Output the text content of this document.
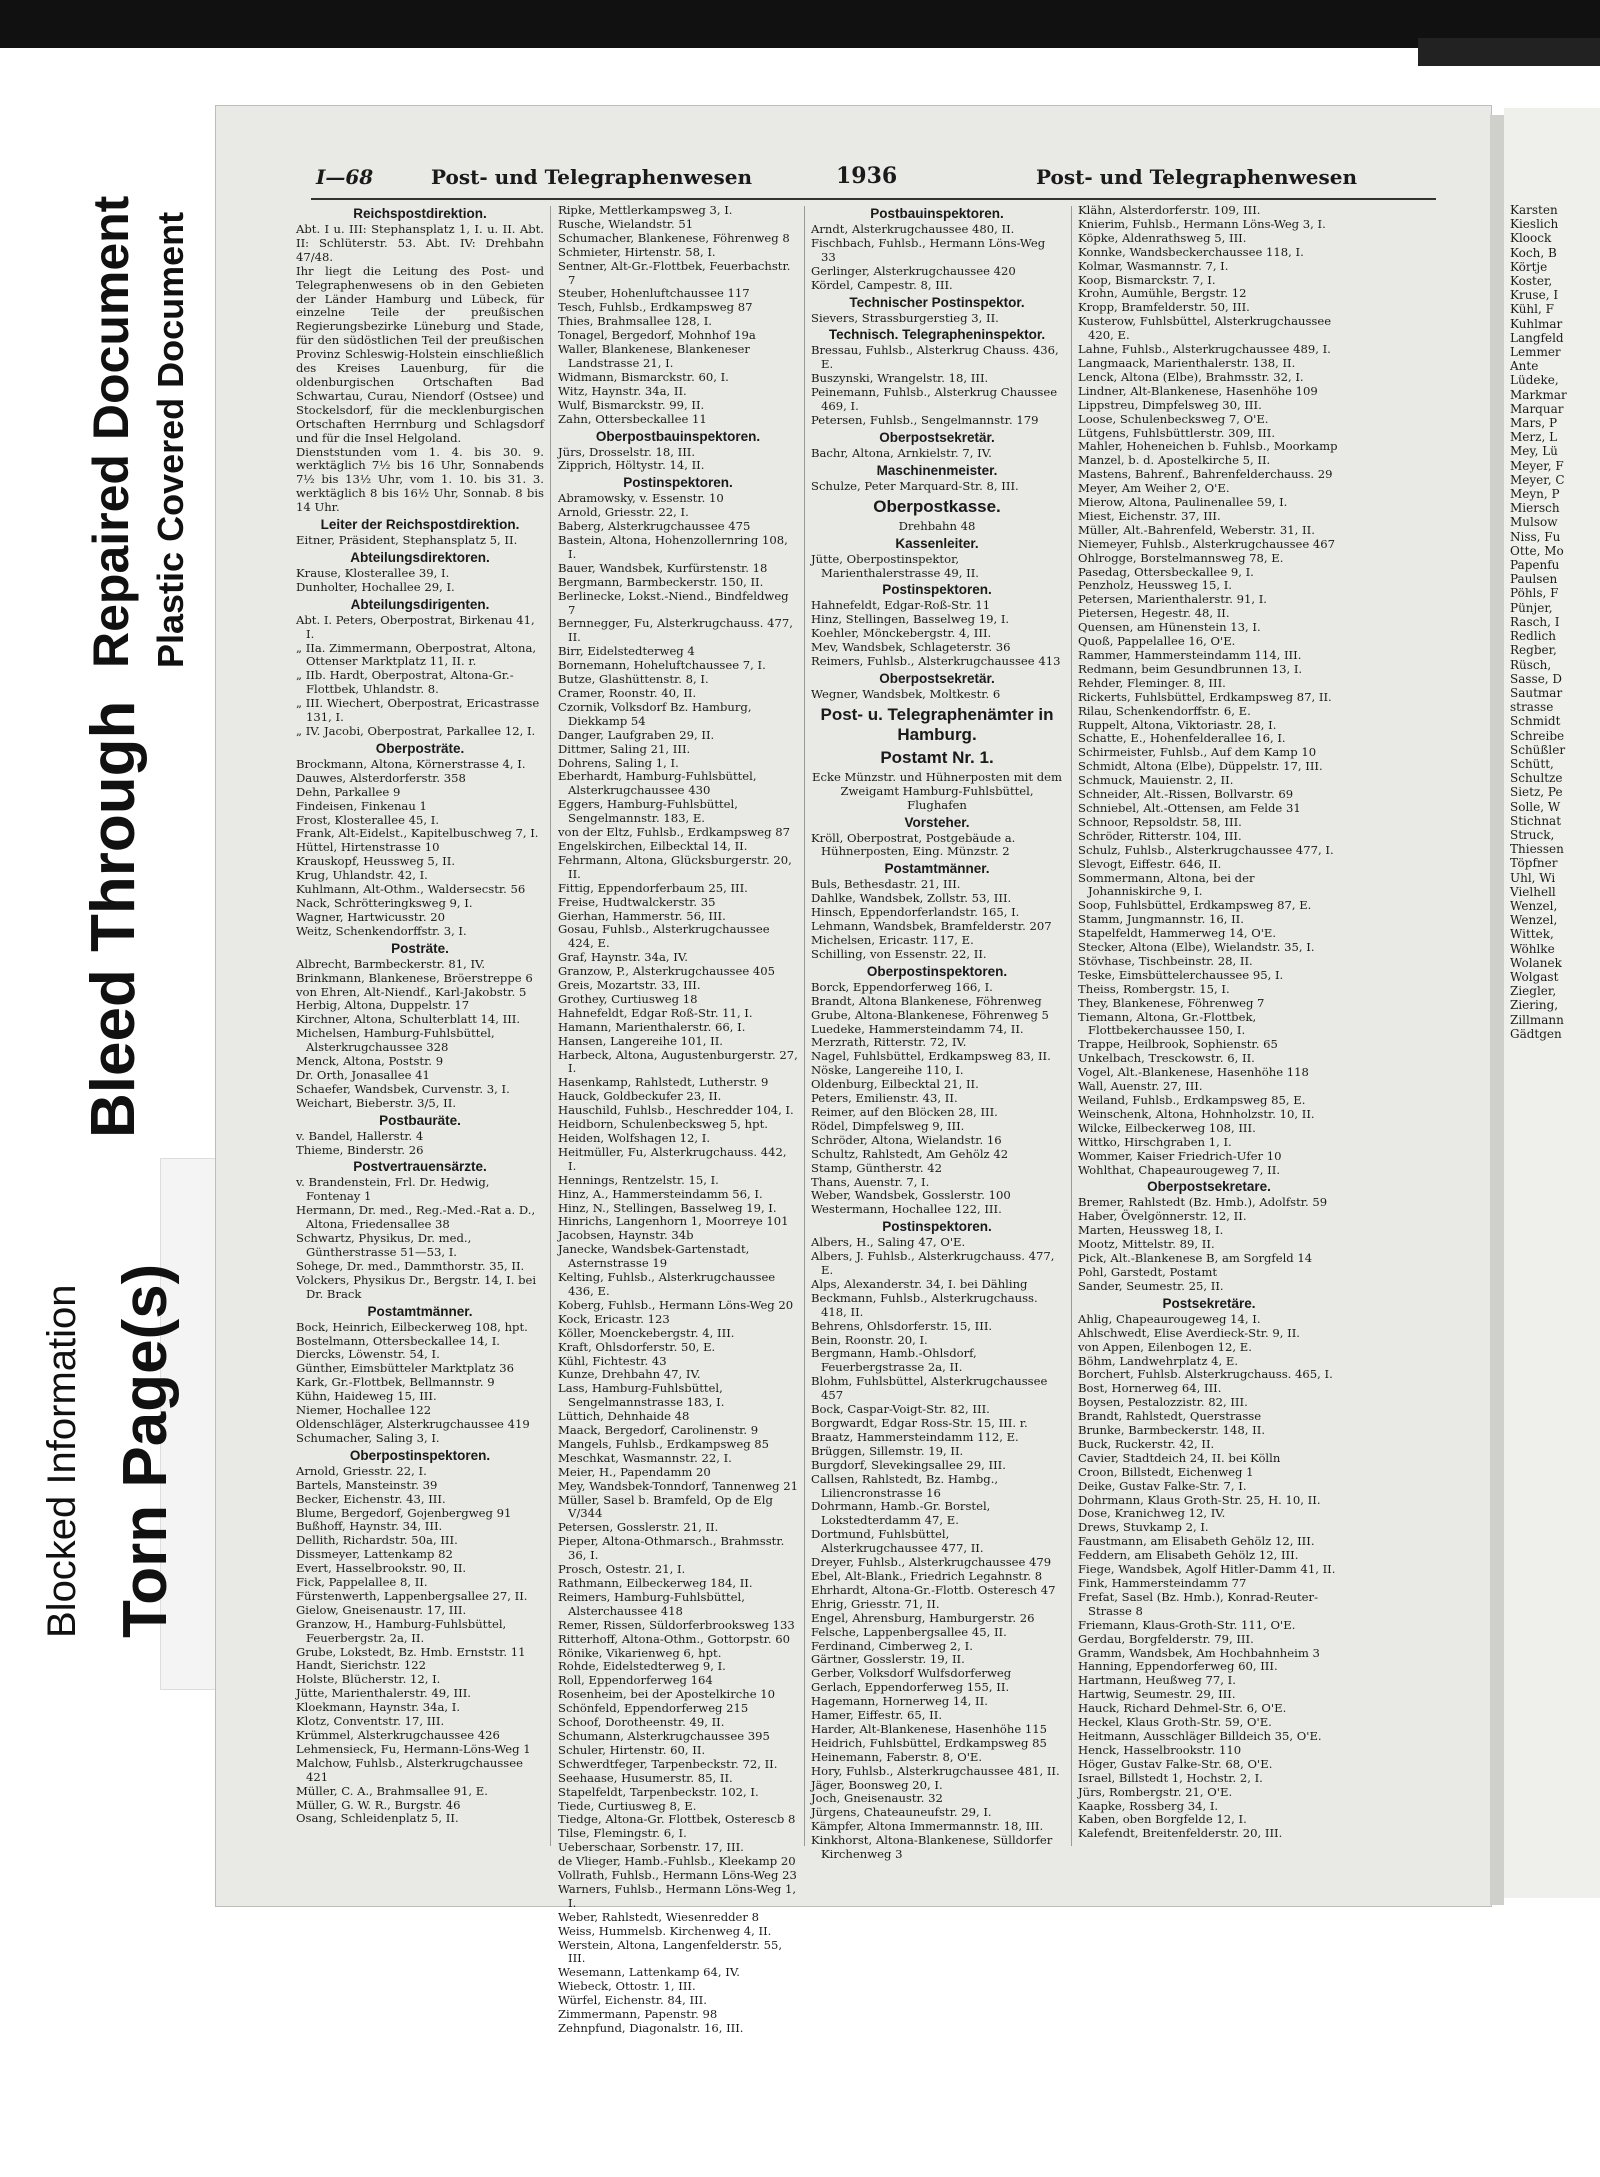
Repaired Document Plastic Covered Document
Bleed Through
Blocked Information Torn Page(s)
I—68	Post- und Telegraphenwesen	1936	Post- und Telegraphenwesen
Reichspostdirektion.
Abt. I u. III: Stephansplatz 1, I. u. II. Abt. II: Schlüterstr. 53. Abt. IV: Drehbahn 47/48.
Ihr liegt die Leitung des Post- und Telegraphenwesens ob in den Gebieten der Länder Hamburg und Lübeck, für einzelne Teile der preußischen Regierungsbezirke Lüneburg und Stade, für den südöstlichen Teil der preußischen Provinz Schleswig-Holstein einschließlich des Kreises Lauenburg, für die oldenburgischen Ortschaften Bad Schwartau, Curau, Niendorf (Ostsee) und Stockelsdorf, für die mecklenburgischen Ortschaften Herrnburg und Schlagsdorf und für die Insel Helgoland.
Dienststunden vom 1. 4. bis 30. 9. werktäglich 7½ bis 16 Uhr, Sonnabends 7½ bis 13½ Uhr, vom 1. 10. bis 31. 3. werktäglich 8 bis 16½ Uhr, Sonnab. 8 bis 14 Uhr.
Leiter der Reichspostdirektion.
Eitner, Präsident, Stephansplatz 5, II.
Abteilungsdirektoren.
Krause, Klosterallee 39, I.
Dunholter, Hochallee 29, I.
Abteilungsdirigenten.
Abt. I. Peters, Oberpostrat, Birkenau 41, I.
„ IIa. Zimmermann, Oberpostrat, Altona, Ottenser Marktplatz 11, II. r.
„ IIb. Hardt, Oberpostrat, Altona-Gr.-Flottbek, Uhlandstr. 8.
„ III. Wiechert, Oberpostrat, Ericastrasse 131, I.
„ IV. Jacobi, Oberpostrat, Parkallee 12, I.
Oberposträte.
Brockmann, Altona, Körnerstrasse 4, I.
Dauwes, Alsterdorferstr. 358
Dehn, Parkallee 9
Findeisen, Finkenau 1
Frost, Klosterallee 45, I.
Frank, Alt-Eidelst., Kapitelbuschweg 7, I.
Hüttel, Hirtenstrasse 10
Krauskopf, Heussweg 5, II.
Krug, Uhlandstr. 42, I.
Kuhlmann, Alt-Othm., Waldersecstr. 56
Nack, Schrötteringksweg 9, I.
Wagner, Hartwicusstr. 20
Weitz, Schenkendorffstr. 3, I.
Posträte.
Albrecht, Barmbeckerstr. 81, IV.
Brinkmann, Blankenese, Bröerstreppe 6
von Ehren, Alt-Niendf., Karl-Jakobstr. 5
Herbig, Altona, Duppelstr. 17
Kirchner, Altona, Schulterblatt 14, III.
Michelsen, Hamburg-Fuhlsbüttel, Alsterkrugchaussee 328
Menck, Altona, Poststr. 9
Dr. Orth, Jonasallee 41
Schaefer, Wandsbek, Curvenstr. 3, I.
Weichart, Bieberstr. 3/5, II.
Postbauräte.
v. Bandel, Hallerstr. 4
Thieme, Binderstr. 26
Postvertrauensärzte.
v. Brandenstein, Frl. Dr. Hedwig, Fontenay 1
Hermann, Dr. med., Reg.-Med.-Rat a. D., Altona, Friedensallee 38
Schwartz, Physikus, Dr. med., Güntherstrasse 51—53, I.
Sohege, Dr. med., Dammthorstr. 35, II.
Volckers, Physikus Dr., Bergstr. 14, I. bei Dr. Brack
Postamtmänner.
Bock, Heinrich, Eilbeckerweg 108, hpt.
Bostelmann, Ottersbeckallee 14, I.
Diercks, Löwenstr. 54, I.
Günther, Eimsbütteler Marktplatz 36
Kark, Gr.-Flottbek, Bellmannstr. 9
Kühn, Haideweg 15, III.
Niemer, Hochallee 122
Oldenschläger, Alsterkrugchaussee 419
Schumacher, Saling 3, I.
Oberpostinspektoren.
Arnold, Griesstr. 22, I.
Bartels, Mansteinstr. 39
Becker, Eichenstr. 43, III.
Blume, Bergedorf, Gojenbergweg 91
Bußhoff, Haynstr. 34, III.
Dellith, Richardstr. 50a, III.
Dissmeyer, Lattenkamp 82
Evert, Hasselbrookstr. 90, II.
Fick, Pappelallee 8, II.
Fürstenwerth, Lappenbergsallee 27, II.
Gielow, Gneisenaustr. 17, III.
Granzow, H., Hamburg-Fuhlsbüttel, Feuerbergstr. 2a, II.
Grube, Lokstedt, Bz. Hmb. Ernststr. 11
Handt, Sierichstr. 122
Holste, Blücherstr. 12, I.
Jütte, Marienthalerstr. 49, III.
Kloekmann, Haynstr. 34a, I.
Klotz, Conventstr. 17, III.
Krümmel, Alsterkrugchaussee 426
Lehmensieck, Fu, Hermann-Löns-Weg 1
Malchow, Fuhlsb., Alsterkrugchaussee 421
Müller, C. A., Brahmsallee 91, E.
Müller, G. W. R., Burgstr. 46
Osang, Schleidenplatz 5, II.
Ripke, Mettlerkampsweg 3, I.
Rusche, Wielandstr. 51
Schumacher, Blankenese, Föhrenweg 8
Schmieter, Hirtenstr. 58, I.
Sentner, Alt-Gr.-Flottbek, Feuerbachstr. 7
Steuber, Hohenluftchaussee 117
Tesch, Fuhlsb., Erdkampsweg 87
Thies, Brahmsallee 128, I.
Tonagel, Bergedorf, Mohnhof 19a
Waller, Blankenese, Blankeneser Landstrasse 21, I.
Widmann, Bismarckstr. 60, I.
Witz, Haynstr. 34a, II.
Wulf, Bismarckstr. 99, II.
Zahn, Ottersbeckallee 11
Oberpostbauinspektoren.
Jürs, Drosselstr. 18, III.
Zipprich, Höltystr. 14, II.
Postinspektoren.
Abramowsky, v. Essenstr. 10
Arnold, Griesstr. 22, I.
Baberg, Alsterkrugchaussee 475
Bastein, Altona, Hohenzollernring 108, I.
Bauer, Wandsbek, Kurfürstenstr. 18
Bergmann, Barmbeckerstr. 150, II.
Berlinecke, Lokst.-Niend., Bindfeldweg 7
Bernnegger, Fu, Alsterkrugchauss. 477, II.
Birr, Eidelstedterweg 4
Bornemann, Hoheluftchaussee 7, I.
Butze, Glashüttenstr. 8, I.
Cramer, Roonstr. 40, II.
Czornik, Volksdorf Bz. Hamburg, Diekkamp 54
Danger, Laufgraben 29, II.
Dittmer, Saling 21, III.
Dohrens, Saling 1, I.
Eberhardt, Hamburg-Fuhlsbüttel, Alsterkrugchaussee 430
Eggers, Hamburg-Fuhlsbüttel, Sengelmannstr. 183, E.
von der Eltz, Fuhlsb., Erdkampsweg 87
Engelskirchen, Eilbecktal 14, II.
Fehrmann, Altona, Glücksburgerstr. 20, II.
Fittig, Eppendorferbaum 25, III.
Freise, Hudtwalckerstr. 35
Gierhan, Hammerstr. 56, III.
Gosau, Fuhlsb., Alsterkrugchaussee 424, E.
Graf, Haynstr. 34a, IV.
Granzow, P., Alsterkrugchaussee 405
Greis, Mozartstr. 33, III.
Grothey, Curtiusweg 18
Hahnefeldt, Edgar Roß-Str. 11, I.
Hamann, Marienthalerstr. 66, I.
Hansen, Langereihe 101, II.
Harbeck, Altona, Augustenburgerstr. 27, I.
Hasenkamp, Rahlstedt, Lutherstr. 9
Hauck, Goldbeckufer 23, II.
Hauschild, Fuhlsb., Heschredder 104, I.
Heidborn, Schulenbecksweg 5, hpt.
Heiden, Wolfshagen 12, I.
Heitmüller, Fu, Alsterkrugchauss. 442, I.
Hennings, Rentzelstr. 15, I.
Hinz, A., Hammersteindamm 56, I.
Hinz, N., Stellingen, Basselweg 19, I.
Hinrichs, Langenhorn 1, Moorreye 101
Jacobsen, Haynstr. 34b
Janecke, Wandsbek-Gartenstadt, Asternstrasse 19
Kelting, Fuhlsb., Alsterkrugchaussee 436, E.
Koberg, Fuhlsb., Hermann Löns-Weg 20
Kock, Ericastr. 123
Köller, Moenckebergstr. 4, III.
Kraft, Ohlsdorferstr. 50, E.
Kühl, Fichtestr. 43
Kunze, Drehbahn 47, IV.
Lass, Hamburg-Fuhlsbüttel, Sengelmannstrasse 183, I.
Lüttich, Dehnhaide 48
Maack, Bergedorf, Carolinenstr. 9
Mangels, Fuhlsb., Erdkampsweg 85
Meschkat, Wasmannstr. 22, I.
Meier, H., Papendamm 20
Mey, Wandsbek-Tonndorf, Tannenweg 21
Müller, Sasel b. Bramfeld, Op de Elg V/344
Petersen, Gosslerstr. 21, II.
Pieper, Altona-Othmarsch., Brahmsstr. 36, I.
Prosch, Ostestr. 21, I.
Rathmann, Eilbeckerweg 184, II.
Reimers, Hamburg-Fuhlsbüttel, Alsterchaussee 418
Remer, Rissen, Süldorferbrooksweg 133
Ritterhoff, Altona-Othm., Gottorpstr. 60
Rönike, Vikarienweg 6, hpt.
Rohde, Eidelstedterweg 9, I.
Roll, Eppendorferweg 164
Rosenheim, bei der Apostelkirche 10
Schönfeld, Eppendorferweg 215
Schoof, Dorotheenstr. 49, II.
Schumann, Alsterkrugchaussee 395
Schuler, Hirtenstr. 60, II.
Schwerdtfeger, Tarpenbeckstr. 72, II.
Seehaase, Husumerstr. 85, II.
Stapelfeldt, Tarpenbeckstr. 102, I.
Tiede, Curtiusweg 8, E.
Tiedge, Altona-Gr. Flottbek, Osterescb 8
Tilse, Flemingstr. 6, I.
Ueberschaar, Sorbenstr. 17, III.
de Vlieger, Hamb.-Fuhlsb., Kleekamp 20
Vollrath, Fuhlsb., Hermann Löns-Weg 23
Warners, Fuhlsb., Hermann Löns-Weg 1, I.
Weber, Rahlstedt, Wiesenredder 8
Weiss, Hummelsb. Kirchenweg 4, II.
Werstein, Altona, Langenfelderstr. 55, III.
Wesemann, Lattenkamp 64, IV.
Wiebeck, Ottostr. 1, III.
Würfel, Eichenstr. 84, III.
Zimmermann, Papenstr. 98
Zehnpfund, Diagonalstr. 16, III.
Postbauinspektoren.
Arndt, Alsterkrugchaussee 480, II.
Fischbach, Fuhlsb., Hermann Löns-Weg 33
Gerlinger, Alsterkrugchaussee 420
Kördel, Campestr. 8, III.
Technischer Postinspektor.
Sievers, Strassburgerstieg 3, II.
Technisch. Telegrapheninspektor.
Bressau, Fuhlsb., Alsterkrug Chauss. 436, E.
Buszynski, Wrangelstr. 18, III.
Peinemann, Fuhlsb., Alsterkrug Chaussee 469, I.
Petersen, Fuhlsb., Sengelmannstr. 179
Oberpostsekretär.
Bachr, Altona, Arnkielstr. 7, IV.
Maschinenmeister.
Schulze, Peter Marquard-Str. 8, III.
Oberpostkasse.
Drehbahn 48
Kassenleiter.
Jütte, Oberpostinspektor, Marienthalerstrasse 49, II.
Postinspektoren.
Hahnefeldt, Edgar-Roß-Str. 11
Hinz, Stellingen, Basselweg 19, I.
Koehler, Mönckebergstr. 4, III.
Mev, Wandsbek, Schlageterstr. 36
Reimers, Fuhlsb., Alsterkrugchaussee 413
Oberpostsekretär.
Wegner, Wandsbek, Moltkestr. 6
Post- u. Telegraphenämter in Hamburg.
Postamt Nr. 1.
Ecke Münzstr. und Hühnerposten mit dem Zweigamt Hamburg-Fuhlsbüttel, Flughafen
Vorsteher.
Kröll, Oberpostrat, Postgebäude a. Hühnerposten, Eing. Münzstr. 2
Postamtmänner.
Buls, Bethesdastr. 21, III.
Dahlke, Wandsbek, Zollstr. 53, III.
Hinsch, Eppendorferlandstr. 165, I.
Lehmann, Wandsbek, Bramfelderstr. 207
Michelsen, Ericastr. 117, E.
Schilling, von Essenstr. 22, II.
Oberpostinspektoren.
Borck, Eppendorferweg 166, I.
Brandt, Altona Blankenese, Föhrenweg
Grube, Altona-Blankenese, Föhrenweg 5
Luedeke, Hammersteindamm 74, II.
Merzrath, Ritterstr. 72, IV.
Nagel, Fuhlsbüttel, Erdkampsweg 83, II.
Nöske, Langereihe 110, I.
Oldenburg, Eilbecktal 21, II.
Peters, Emilienstr. 43, II.
Reimer, auf den Blöcken 28, III.
Rödel, Dimpfelsweg 9, III.
Schröder, Altona, Wielandstr. 16
Schultz, Rahlstedt, Am Gehölz 42
Stamp, Güntherstr. 42
Thans, Auenstr. 7, I.
Weber, Wandsbek, Gosslerstr. 100
Westermann, Hochallee 122, III.
Postinspektoren.
Albers, H., Saling 47, O'E.
Albers, J. Fuhlsb., Alsterkrugchauss. 477, E.
Alps, Alexanderstr. 34, I. bei Dähling
Beckmann, Fuhlsb., Alsterkrugchauss. 418, II.
Behrens, Ohlsdorferstr. 15, III.
Bein, Roonstr. 20, I.
Bergmann, Hamb.-Ohlsdorf, Feuerbergstrasse 2a, II.
Blohm, Fuhlsbüttel, Alsterkrugchaussee 457
Bock, Caspar-Voigt-Str. 82, III.
Borgwardt, Edgar Ross-Str. 15, III. r.
Braatz, Hammersteindamm 112, E.
Brüggen, Sillemstr. 19, II.
Burgdorf, Slevekingsallee 29, III.
Callsen, Rahlstedt, Bz. Hambg., Liliencronstrasse 16
Dohrmann, Hamb.-Gr. Borstel, Lokstedterdamm 47, E.
Dortmund, Fuhlsbüttel, Alsterkrugchaussee 477, II.
Dreyer, Fuhlsb., Alsterkrugchaussee 479
Ebel, Alt-Blank., Friedrich Legahnstr. 8
Ehrhardt, Altona-Gr.-Flottb. Osteresch 47
Ehrig, Griesstr. 71, II.
Engel, Ahrensburg, Hamburgerstr. 26
Felsche, Lappenbergsallee 45, II.
Ferdinand, Cimberweg 2, I.
Gärtner, Gosslerstr. 19, II.
Gerber, Volksdorf Wulfsdorferweg
Gerlach, Eppendorferweg 155, II.
Hagemann, Hornerweg 14, II.
Hamer, Eiffestr. 65, II.
Harder, Alt-Blankenese, Hasenhöhe 115
Heidrich, Fuhlsbüttel, Erdkampsweg 85
Heinemann, Faberstr. 8, O'E.
Hory, Fuhlsb., Alsterkrugchaussee 481, II.
Jäger, Boonsweg 20, I.
Joch, Gneisenaustr. 32
Jürgens, Chateauneufstr. 29, I.
Kämpfer, Altona Immermannstr. 18, III.
Kinkhorst, Altona-Blankenese, Sülldorfer Kirchenweg 3
Klähn, Alsterdorferstr. 109, III.
Knierim, Fuhlsb., Hermann Löns-Weg 3, I.
Köpke, Aldenrathsweg 5, III.
Konnke, Wandsbeckerchaussee 118, I.
Kolmar, Wasmannstr. 7, I.
Koop, Bismarckstr. 7, I.
Krohn, Aumühle, Bergstr. 12
Kropp, Bramfelderstr. 50, III.
Kusterow, Fuhlsbüttel, Alsterkrugchaussee 420, E.
Lahne, Fuhlsb., Alsterkrugchaussee 489, I.
Langmaack, Marienthalerstr. 138, II.
Lenck, Altona (Elbe), Brahmsstr. 32, I.
Lindner, Alt-Blankenese, Hasenhöhe 109
Lippstreu, Dimpfelsweg 30, III.
Loose, Schulenbecksweg 7, O'E.
Lütgens, Fuhlsbüttlerstr. 309, III.
Mahler, Hoheneichen b. Fuhlsb., Moorkamp
Manzel, b. d. Apostelkirche 5, II.
Mastens, Bahrenf., Bahrenfelderchauss. 29
Meyer, Am Weiher 2, O'E.
Mierow, Altona, Paulinenallee 59, I.
Miest, Eichenstr. 37, III.
Müller, Alt.-Bahrenfeld, Weberstr. 31, II.
Niemeyer, Fuhlsb., Alsterkrugchaussee 467
Ohlrogge, Borstelmannsweg 78, E.
Pasedag, Ottersbeckallee 9, I.
Penzholz, Heussweg 15, I.
Petersen, Marienthalerstr. 91, I.
Pietersen, Hegestr. 48, II.
Quensen, am Hünenstein 13, I.
Quoß, Pappelallee 16, O'E.
Rammer, Hammersteindamm 114, III.
Redmann, beim Gesundbrunnen 13, I.
Rehder, Fleminger. 8, III.
Rickerts, Fuhlsbüttel, Erdkampsweg 87, II.
Rilau, Schenkendorffstr. 6, E.
Ruppelt, Altona, Viktoriastr. 28, I.
Schatte, E., Hohenfelderallee 16, I.
Schirmeister, Fuhlsb., Auf dem Kamp 10
Schmidt, Altona (Elbe), Düppelstr. 17, III.
Schmuck, Mauienstr. 2, II.
Schneider, Alt.-Rissen, Bollvarstr. 69
Schniebel, Alt.-Ottensen, am Felde 31
Schnoor, Repsoldstr. 58, III.
Schröder, Ritterstr. 104, III.
Schulz, Fuhlsb., Alsterkrugchaussee 477, I.
Slevogt, Eiffestr. 646, II.
Sommermann, Altona, bei der Johanniskirche 9, I.
Soop, Fuhlsbüttel, Erdkampsweg 87, E.
Stamm, Jungmannstr. 16, II.
Stapelfeldt, Hammerweg 14, O'E.
Stecker, Altona (Elbe), Wielandstr. 35, I.
Stövhase, Tischbeinstr. 28, II.
Teske, Eimsbüttelerchaussee 95, I.
Theiss, Rombergstr. 15, I.
They, Blankenese, Föhrenweg 7
Tiemann, Altona, Gr.-Flottbek, Flottbekerchaussee 150, I.
Trappe, Heilbrook, Sophienstr. 65
Unkelbach, Tresckowstr. 6, II.
Vogel, Alt.-Blankenese, Hasenhöhe 118
Wall, Auenstr. 27, III.
Weiland, Fuhlsb., Erdkampsweg 85, E.
Weinschenk, Altona, Hohnholzstr. 10, II.
Wilcke, Eilbeckerweg 108, III.
Wittko, Hirschgraben 1, I.
Wommer, Kaiser Friedrich-Ufer 10
Wohlthat, Chapeaurougeweg 7, II.
Oberpostsekretare.
Bremer, Rahlstedt (Bz. Hmb.), Adolfstr. 59
Haber, Övelgönnerstr. 12, II.
Marten, Heussweg 18, I.
Mootz, Mittelstr. 89, II.
Pick, Alt.-Blankenese B, am Sorgfeld 14
Pohl, Garstedt, Postamt
Sander, Seumestr. 25, II.
Postsekretäre.
Ahlig, Chapeaurougeweg 14, I.
Ahlschwedt, Elise Averdieck-Str. 9, II.
von Appen, Eilenbogen 12, E.
Böhm, Landwehrplatz 4, E.
Borchert, Fuhlsb. Alsterkrugchauss. 465, I.
Bost, Hornerweg 64, III.
Boysen, Pestalozzistr. 82, III.
Brandt, Rahlstedt, Querstrasse
Brunke, Barmbeckerstr. 148, II.
Buck, Ruckerstr. 42, II.
Cavier, Stadtdeich 24, II. bei Kölln
Croon, Billstedt, Eichenweg 1
Deike, Gustav Falke-Str. 7, I.
Dohrmann, Klaus Groth-Str. 25, H. 10, II.
Dose, Kranichweg 12, IV.
Drews, Stuvkamp 2, I.
Faustmann, am Elisabeth Gehölz 12, III.
Feddern, am Elisabeth Gehölz 12, III.
Fiege, Wandsbek, Agolf Hitler-Damm 41, II.
Fink, Hammersteindamm 77
Frefat, Sasel (Bz. Hmb.), Konrad-Reuter-Strasse 8
Friemann, Klaus-Groth-Str. 111, O'E.
Gerdau, Borgfelderstr. 79, III.
Gramm, Wandsbek, Am Hochbahnheim 3
Hanning, Eppendorferweg 60, III.
Hartmann, Heußweg 77, I.
Hartwig, Seumestr. 29, III.
Hauck, Richard Dehmel-Str. 6, O'E.
Heckel, Klaus Groth-Str. 59, O'E.
Heitmann, Ausschläger Billdeich 35, O'E.
Henck, Hasselbrookstr. 110
Höger, Gustav Falke-Str. 68, O'E.
Israel, Billstedt 1, Hochstr. 2, I.
Jürs, Rombergstr. 21, O'E.
Kaapke, Rossberg 34, I.
Kaben, oben Borgfelde 12, I.
Kalefendt, Breitenfelderstr. 20, III.
Karsten
Kieslich
Kloock
Koch, B
Körtje
Koster,
Kruse, I
Kühl, F
Kuhlmar
Langfeld
Lemmer
Ante
Lüdeke,
Markmar
Marquar
Mars, P
Merz, L
Mey, Lü
Meyer, F
Meyer, C
Meyn, P
Miersch
Mulsow
Niss, Fu
Otte, Mo
Papenfu
Paulsen
Pöhls, F
Pünjer,
Rasch, I
Redlich
Regber,
Rüsch,
Sasse, D
Sautmar
strasse
Schmidt
Schreibe
Schüßler
Schütt,
Schultze
Sietz, Pe
Solle, W
Stichnat
Struck,
Thiessen
Töpfner
Uhl, Wi
Vielhell
Wenzel,
Wenzel,
Wittek,
Wöhlke
Wolanek
Wolgast
Ziegler,
Ziering,
Zillmann
Gädtgen
